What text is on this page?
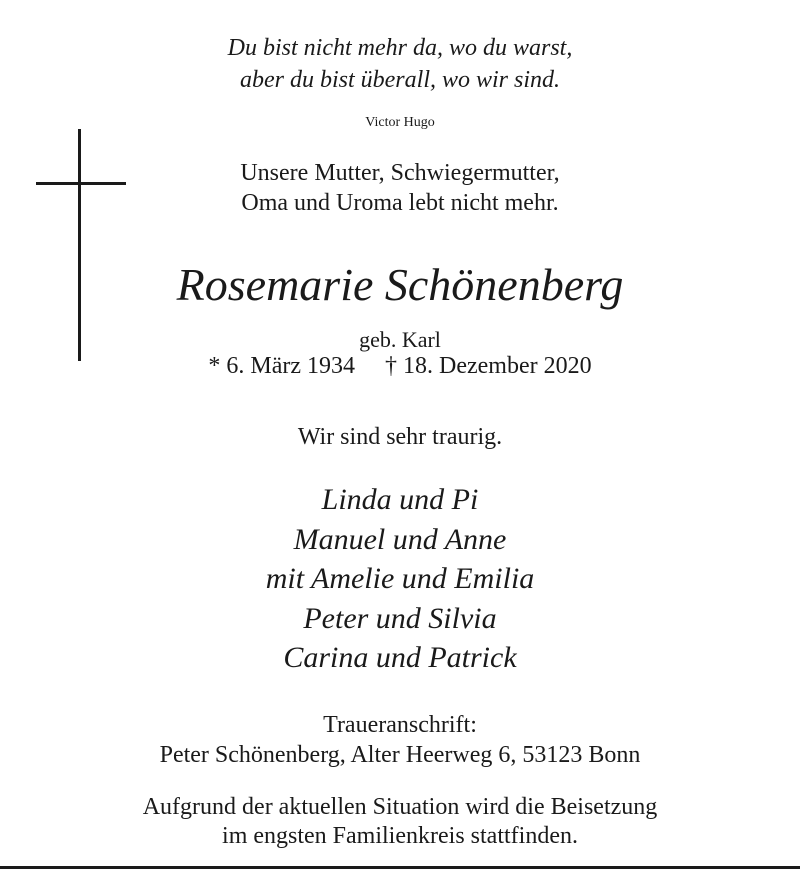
Du bist nicht mehr da, wo du warst,
aber du bist überall, wo wir sind.
Victor Hugo
Unsere Mutter, Schwiegermutter,
Oma und Uroma lebt nicht mehr.
Rosemarie Schönenberg
geb. Karl
* 6. März 1934 † 18. Dezember 2020
Wir sind sehr traurig.
Linda und Pi
Manuel und Anne
mit Amelie und Emilia
Peter und Silvia
Carina und Patrick
Traueranschrift:
Peter Schönenberg, Alter Heerweg 6, 53123 Bonn
Aufgrund der aktuellen Situation wird die Beisetzung
im engsten Familienkreis stattfinden.
